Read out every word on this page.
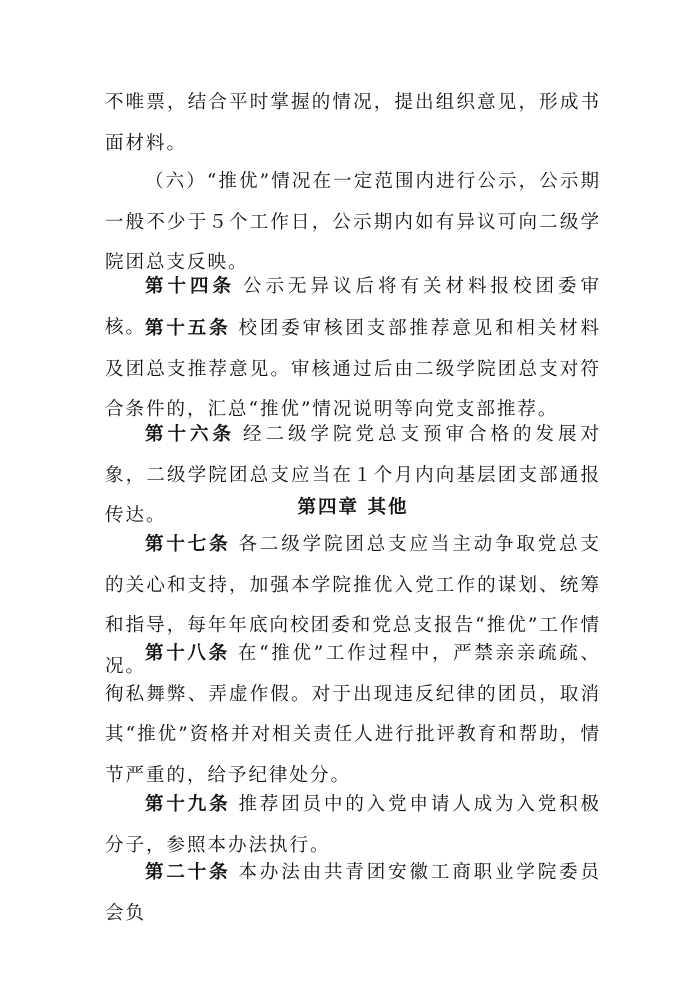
不唯票，结合平时掌握的情况，提出组织意见，形成书面材料。

（六）“推优”情况在一定范围内进行公示，公示期一般不少于５个工作日，公示期内如有异议可向二级学院团总支反映。

第十四条 公示无异议后将有关材料报校团委审核。

第十五条 校团委审核团支部推荐意见和相关材料及团总支推荐意见。审核通过后由二级学院团总支对符合条件的，汇总“推优”情况说明等向党支部推荐。

第十六条 经二级学院党总支预审合格的发展对象，二级学院团总支应当在１个月内向基层团支部通报传达。	第四章 其他

第十七条 各二级学院团总支应当主动争取党总支的关心和支持，加强本学院推优入党工作的谋划、统筹和指导，每年年底向校团委和党总支报告“推优”工作情况。

第十八条 在“推优”工作过程中，严禁亲亲疏疏、徇私舞弊、弄虚作假。对于出现违反纪律的团员，取消其“推优”资格并对相关责任人进行批评教育和帮助，情节严重的，给予纪律处分。

第十九条 推荐团员中的入党申请人成为入党积极分子，参照本办法执行。

第二十条 本办法由共青团安徽工商职业学院委员会负
